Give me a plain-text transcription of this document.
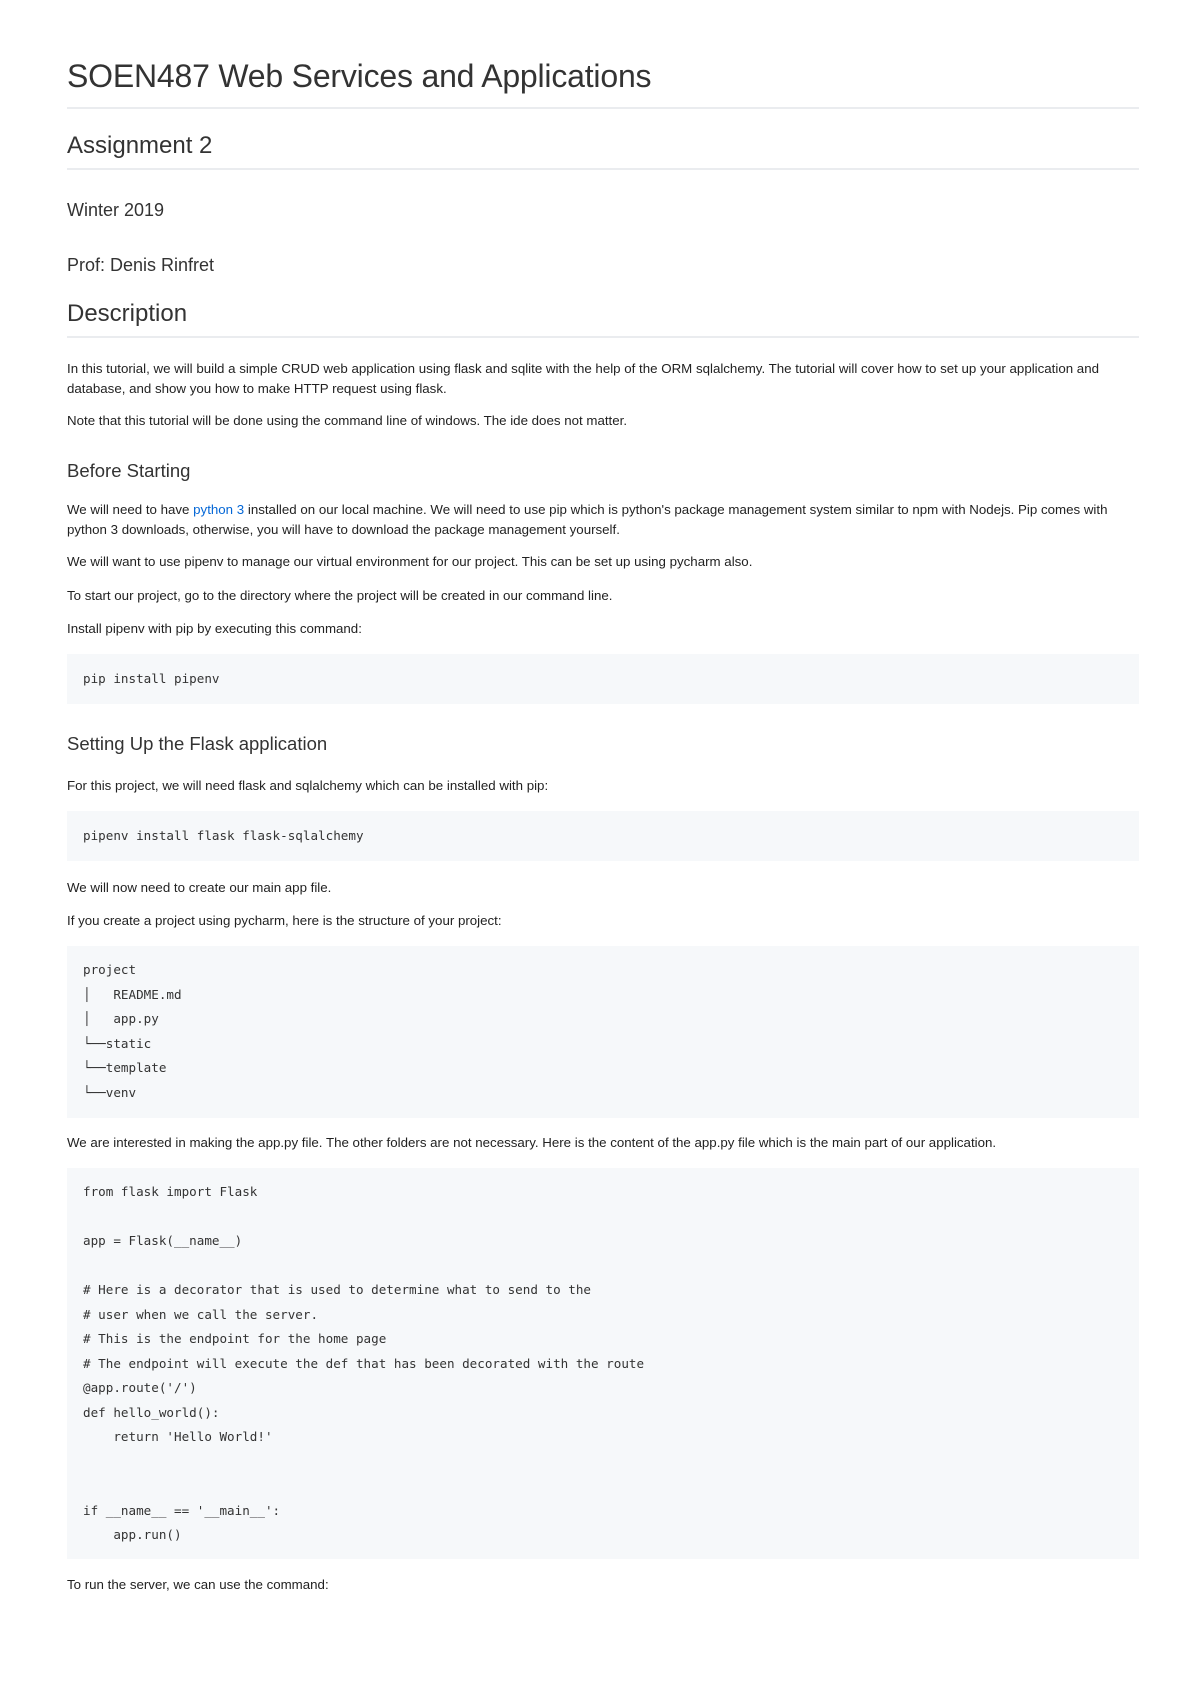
SOEN487 Web Services and Applications
Assignment 2

Winter 2019

Prof: Denis Rinfret

Description

In this tutorial, we will build a simple CRUD web application using flask and sqlite with the help of the ORM sqlalchemy. The tutorial will cover how to set up your application and database, and show you how to make HTTP request using flask.

Note that this tutorial will be done using the command line of windows. The ide does not matter.

Before Starting

We will need to have python 3 installed on our local machine. We will need to use pip which is python's package management system similar to npm with Nodejs. Pip comes with python 3 downloads, otherwise, you will have to download the package management yourself.

We will want to use pipenv to manage our virtual environment for our project. This can be set up using pycharm also.

To start our project, go to the directory where the project will be created in our command line.

Install pipenv with pip by executing this command:

pip install pipenv
Setting Up the Flask application

For this project, we will need flask and sqlalchemy which can be installed with pip:

pipenv install flask flask-sqlalchemy

We will now need to create our main app file.

If you create a project using pycharm, here is the structure of your project:

project
│   README.md
│   app.py
└──static
└──template
└──venv

We are interested in making the app.py file. The other folders are not necessary. Here is the content of the app.py file which is the main part of our application.

from flask import Flask

app = Flask(__name__)

# Here is a decorator that is used to determine what to send to the
# user when we call the server.
# This is the endpoint for the home page
# The endpoint will execute the def that has been decorated with the route
@app.route('/')
def hello_world():
return 'Hello World!'

if __name__ == '__main__':
app.run()

To run the server, we can use the command:
